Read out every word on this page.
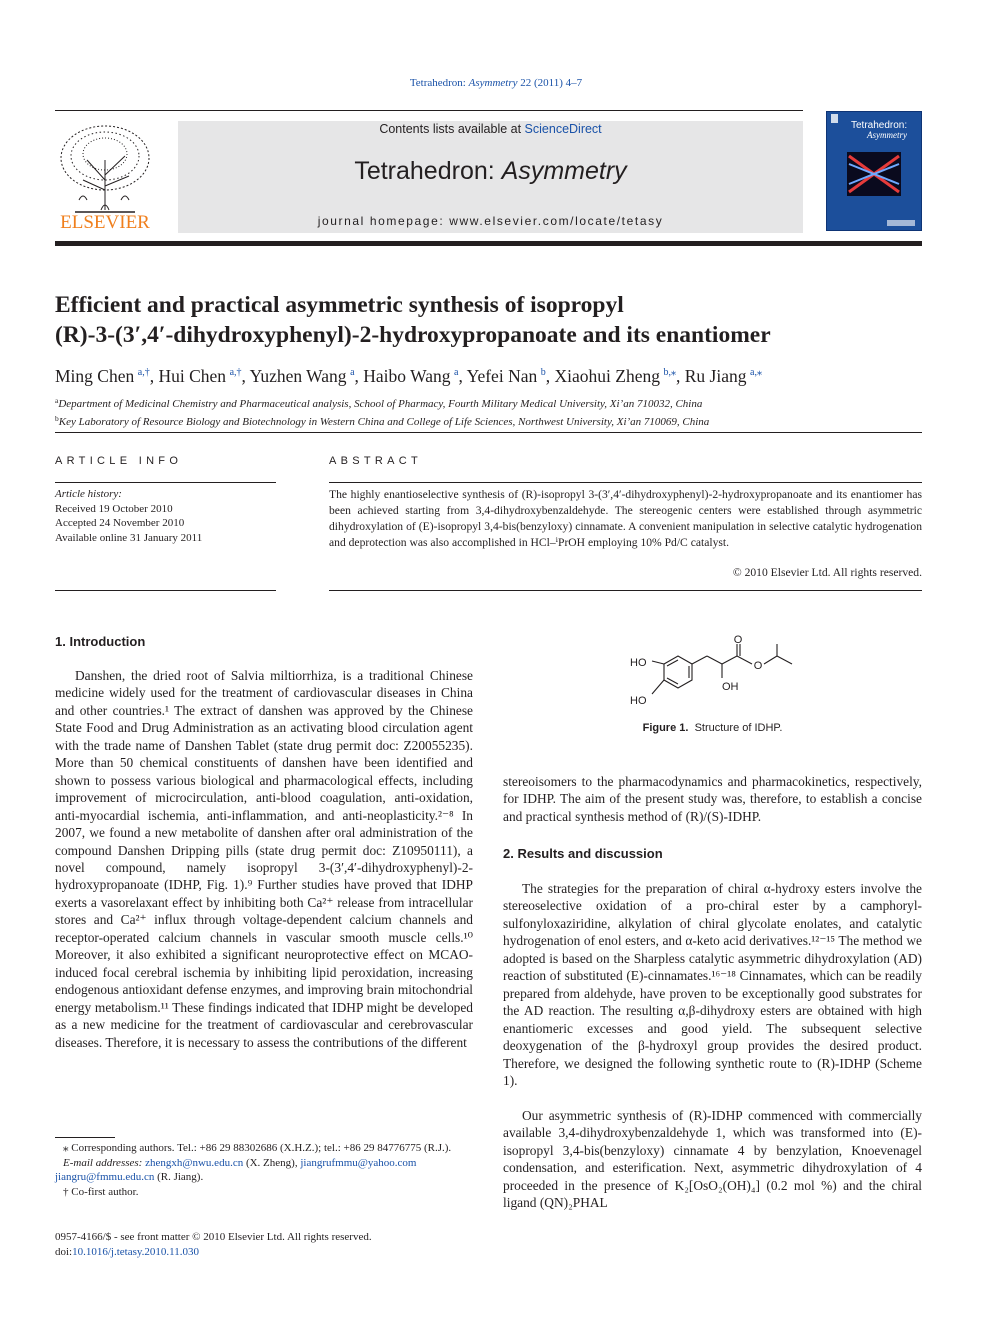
Tetrahedron: Asymmetry 22 (2011) 4–7
ELSEVIER
Contents lists available at ScienceDirect
Tetrahedron: Asymmetry
journal homepage: www.elsevier.com/locate/tetasy
Tetrahedron:
Asymmetry
Efficient and practical asymmetric synthesis of isopropyl
(R)-3-(3′,4′-dihydroxyphenyl)-2-hydroxypropanoate and its enantiomer
Ming Chen  $^{a,\dagger}$, Hui Chen  $^{a,\dagger}$, Yuzhen Wang  $^a$, Haibo Wang  $^a$, Yefei Nan  $^b$, Xiaohui Zheng  $^{b,⁎}$, Ru Jiang  $^{a,⁎}$
$^a$Department of Medicinal Chemistry and Pharmaceutical analysis, School of Pharmacy, Fourth Military Medical University, Xi’an 710032, China
$^b$Key Laboratory of Resource Biology and Biotechnology in Western China and College of Life Sciences, Northwest University, Xi’an 710069, China
ARTICLE INFO	ABSTRACT
Article history:
Received 19 October 2010
Accepted 24 November 2010
Available online 31 January 2011
The highly enantioselective synthesis of (R)-isopropyl 3-(3′,4′-dihydroxyphenyl)-2-hydroxypropanoate and its enantiomer has been achieved starting from 3,4-dihydroxybenzaldehyde. The stereogenic centers were established through asymmetric dihydroxylation of (E)-isopropyl 3,4-bis(benzyloxy) cinnamate. A convenient manipulation in selective catalytic hydrogenation and deprotection was also accomplished in HCl–ⁱPrOH employing 10% Pd/C catalyst.
© 2010 Elsevier Ltd. All rights reserved.
1. Introduction
Danshen, the dried root of Salvia miltiorrhiza, is a traditional Chinese medicine widely used for the treatment of cardiovascular diseases in China and other countries.¹ The extract of danshen was approved by the Chinese State Food and Drug Administration as an activating blood circulation agent with the trade name of Danshen Tablet (state drug permit doc: Z20055235). More than 50 chemical constituents of danshen have been identified and shown to possess various biological and pharmacological effects, including improvement of microcirculation, anti-blood coagulation, anti-oxidation, anti-myocardial ischemia, anti-inflammation, and anti-neoplasticity.²⁻⁸ In 2007, we found a new metabolite of danshen after oral administration of the compound Danshen Dripping pills (state drug permit doc: Z10950111), a novel compound, namely isopropyl 3-(3′,4′-dihydroxyphenyl)-2-hydroxypropanoate (IDHP, Fig. 1).⁹ Further studies have proved that IDHP exerts a vasorelaxant effect by inhibiting both Ca²⁺ release from intracellular stores and Ca²⁺ influx through voltage-dependent calcium channels and receptor-operated calcium channels in vascular smooth muscle cells.¹⁰ Moreover, it also exhibited a significant neuroprotective effect on MCAO-induced focal cerebral ischemia by inhibiting lipid peroxidation, increasing endogenous antioxidant defense enzymes, and improving brain mitochondrial energy metabolism.¹¹ These findings indicated that IDHP might be developed as a new medicine for the treatment of cardiovascular and cerebrovascular diseases. Therefore, it is necessary to assess the contributions of the different
HO
HO
O
O
OH
Figure 1. Structure of IDHP.
stereoisomers to the pharmacodynamics and pharmacokinetics, respectively, for IDHP. The aim of the present study was, therefore, to establish a concise and practical synthesis method of (R)/(S)-IDHP.
2. Results and discussion
The strategies for the preparation of chiral α-hydroxy esters involve the stereoselective oxidation of a pro-chiral ester by a camphoryl-sulfonyloxaziridine, alkylation of chiral glycolate enolates, and catalytic hydrogenation of enol esters, and α-keto acid derivatives.¹²⁻¹⁵ The method we adopted is based on the Sharpless catalytic asymmetric dihydroxylation (AD) reaction of substituted (E)-cinnamates.¹⁶⁻¹⁸ Cinnamates, which can be readily prepared from aldehyde, have proven to be exceptionally good substrates for the AD reaction. The resulting α,β-dihydroxy esters are obtained with high enantiomeric excesses and good yield. The subsequent selective deoxygenation of the β-hydroxyl group provides the desired product. Therefore, we designed the following synthetic route to (R)-IDHP (Scheme 1).
Our asymmetric synthesis of (R)-IDHP commenced with commercially available 3,4-dihydroxybenzaldehyde 1, which was transformed into (E)-isopropyl 3,4-bis(benzyloxy) cinnamate 4 by benzylation, Knoevenagel condensation, and esterification. Next, asymmetric dihydroxylation of 4 proceeded in the presence of K₂[OsO₂(OH)₄] (0.2 mol %) and the chiral ligand (QN)₂PHAL
⁎ Corresponding authors. Tel.: +86 29 88302686 (X.H.Z.); tel.: +86 29 84776775 (R.J.).
E-mail addresses: zhengxh@nwu.edu.cn (X. Zheng), jiangrufmmu@yahoo.com
jiangru@fmmu.edu.cn (R. Jiang).
† Co-first author.
0957-4166/$ - see front matter © 2010 Elsevier Ltd. All rights reserved.
doi:10.1016/j.tetasy.2010.11.030
